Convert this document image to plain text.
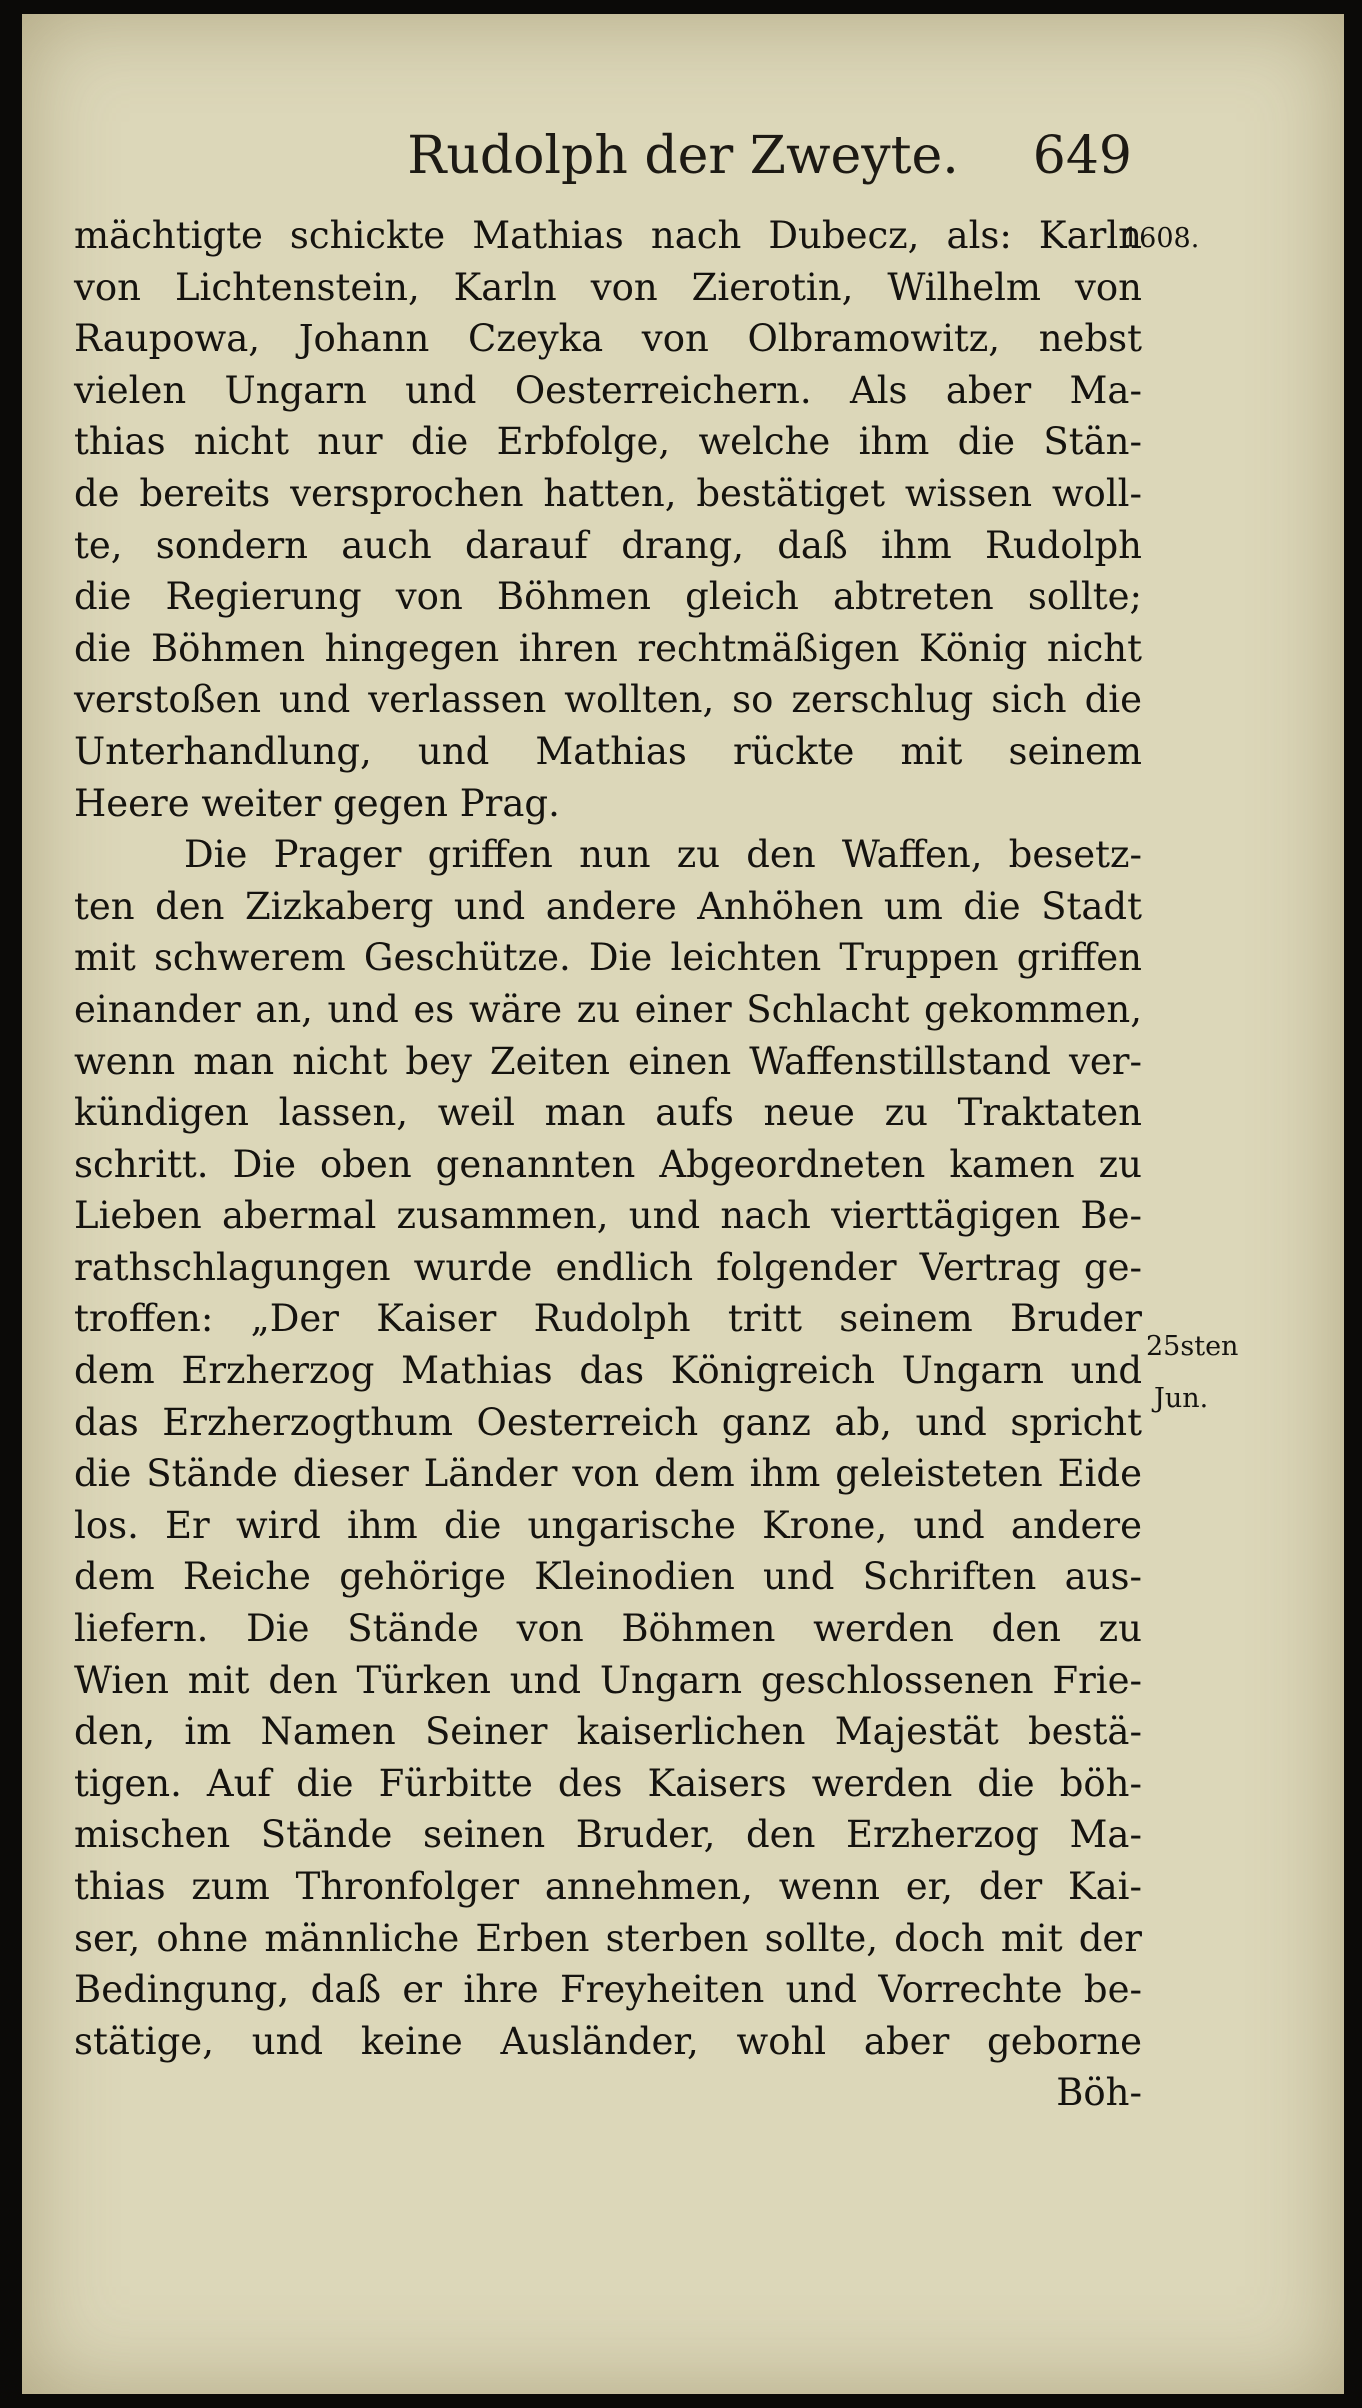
Rudolph der Zweyte.	649
mächtigte schickte Mathias nach Dubecz, als: Karln
von Lichtenstein, Karln von Zierotin, Wilhelm von
Raupowa, Johann Czeyka von Olbramowitz, nebst
vielen Ungarn und Oesterreichern. Als aber Ma-
thias nicht nur die Erbfolge, welche ihm die Stän-
de bereits versprochen hatten, bestätiget wissen woll-
te, sondern auch darauf drang, daß ihm Rudolph
die Regierung von Böhmen gleich abtreten sollte;
die Böhmen hingegen ihren rechtmäßigen König nicht
verstoßen und verlassen wollten, so zerschlug sich die
Unterhandlung, und Mathias rückte mit seinem
Heere weiter gegen Prag.
Die Prager griffen nun zu den Waffen, besetz-
ten den Zizkaberg und andere Anhöhen um die Stadt
mit schwerem Geschütze. Die leichten Truppen griffen
einander an, und es wäre zu einer Schlacht gekommen,
wenn man nicht bey Zeiten einen Waffenstillstand ver-
kündigen lassen, weil man aufs neue zu Traktaten
schritt. Die oben genannten Abgeordneten kamen zu
Lieben abermal zusammen, und nach vierttägigen Be-
rathschlagungen wurde endlich folgender Vertrag ge-
troffen: „Der Kaiser Rudolph tritt seinem Bruder
dem Erzherzog Mathias das Königreich Ungarn und
das Erzherzogthum Oesterreich ganz ab, und spricht
die Stände dieser Länder von dem ihm geleisteten Eide
los. Er wird ihm die ungarische Krone, und andere
dem Reiche gehörige Kleinodien und Schriften aus-
liefern. Die Stände von Böhmen werden den zu
Wien mit den Türken und Ungarn geschlossenen Frie-
den, im Namen Seiner kaiserlichen Majestät bestä-
tigen. Auf die Fürbitte des Kaisers werden die böh-
mischen Stände seinen Bruder, den Erzherzog Ma-
thias zum Thronfolger annehmen, wenn er, der Kai-
ser, ohne männliche Erben sterben sollte, doch mit der
Bedingung, daß er ihre Freyheiten und Vorrechte be-
stätige, und keine Ausländer, wohl aber geborne
Böh-
1608.
25sten
Jun.
